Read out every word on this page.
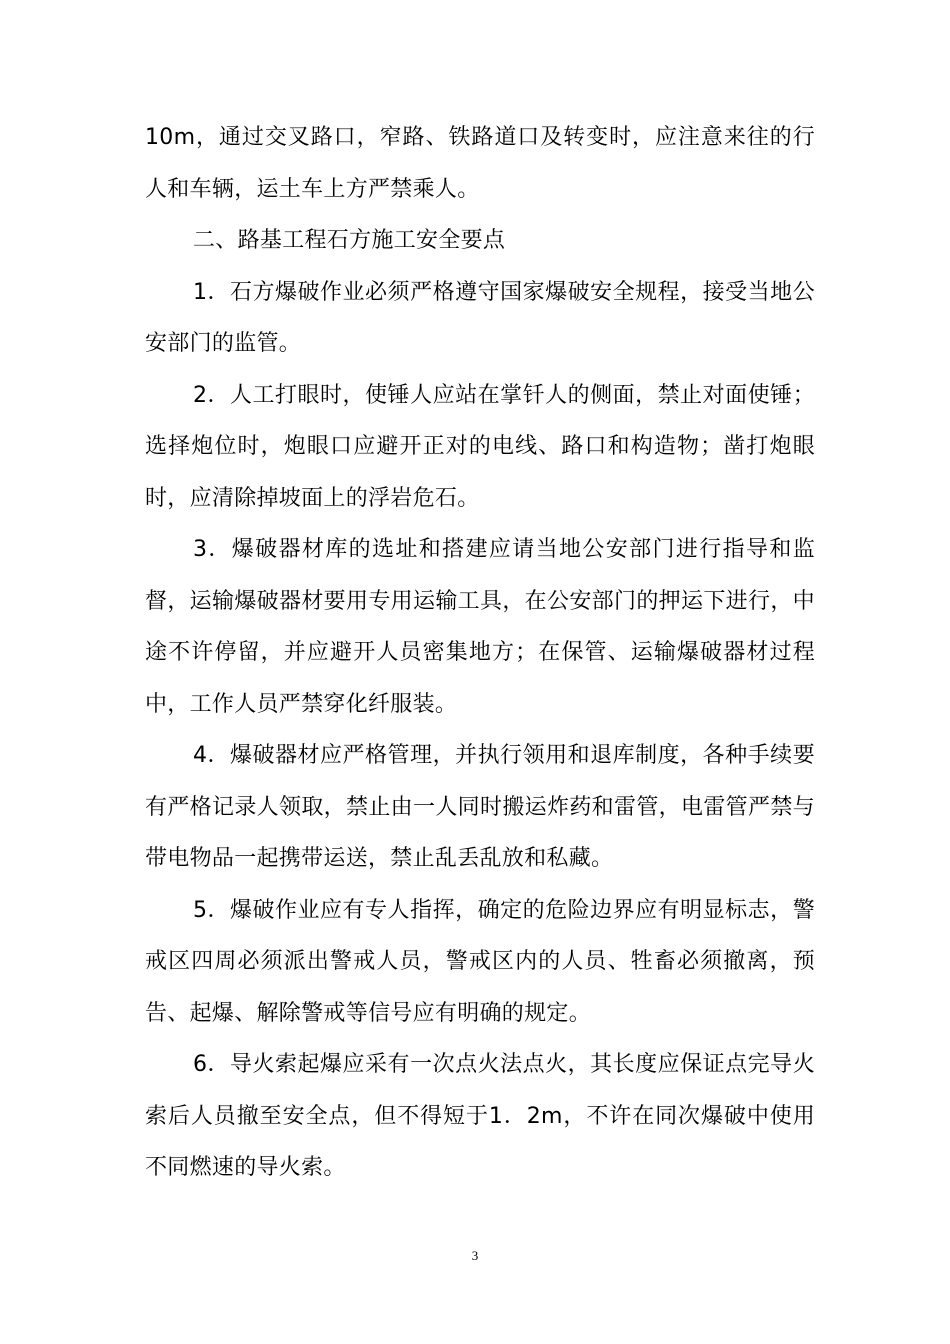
10m，通过交叉路口，窄路、铁路道口及转变时，应注意来往的行人和车辆，运土车上方严禁乘人。

二、路基工程石方施工安全要点

1．石方爆破作业必须严格遵守国家爆破安全规程，接受当地公安部门的监管。

2．人工打眼时，使锤人应站在掌钎人的侧面，禁止对面使锤；选择炮位时，炮眼口应避开正对的电线、路口和构造物；凿打炮眼时，应清除掉坡面上的浮岩危石。

3．爆破器材库的选址和搭建应请当地公安部门进行指导和监督，运输爆破器材要用专用运输工具，在公安部门的押运下进行，中途不许停留，并应避开人员密集地方；在保管、运输爆破器材过程中，工作人员严禁穿化纤服装。

4．爆破器材应严格管理，并执行领用和退库制度，各种手续要有严格记录人领取，禁止由一人同时搬运炸药和雷管，电雷管严禁与带电物品一起携带运送，禁止乱丢乱放和私藏。

5．爆破作业应有专人指挥，确定的危险边界应有明显标志，警戒区四周必须派出警戒人员，警戒区内的人员、牲畜必须撤离，预告、起爆、解除警戒等信号应有明确的规定。

6．导火索起爆应采有一次点火法点火，其长度应保证点完导火索后人员撤至安全点，但不得短于1．2m，不许在同次爆破中使用不同燃速的导火索。

3
